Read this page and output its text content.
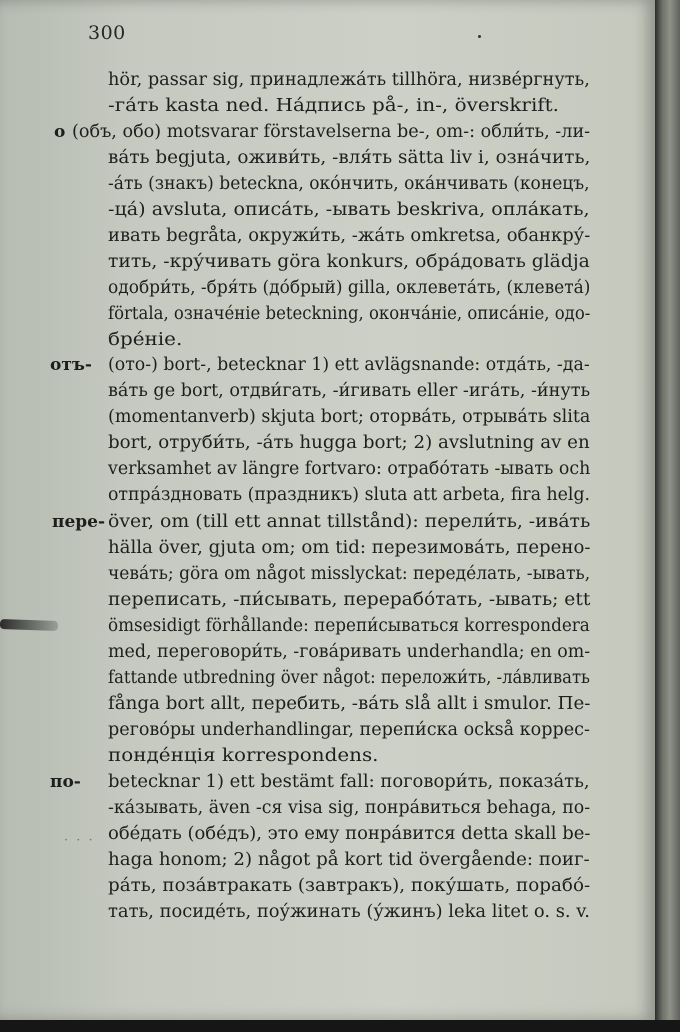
300
· · ·
o
отъ-
пере-
по-
hör, passar sig, принадлежа́ть tillhöra, низве́ргнуть,
-га́ть kasta ned. На́дпись på-, in-, överskrift.
(объ, обо) motsvarar förstavelserna be-, om-: обли́ть, -ли-
ва́ть begjuta, оживи́ть, -вля́ть sätta liv i, озна́чить,
-а́ть (знакъ) beteckna, око́нчить, ока́нчивать (конецъ,
-ца́) avsluta, описа́ть, -ывать beskriva, опла́кать,
ивать begråta, окружи́ть, -жа́ть omkretsa, обанкру́-
тить, -кру́чивать göra konkurs, обра́довать glädja
одобри́ть, -бря́ть (до́брый) gilla, оклевета́ть, (клевета́)
förtala, означе́ніе beteckning, оконча́ніе, описа́ніе, одо-
бре́ніе.
(ото-) bort-, betecknar 1) ett avlägsnande: отда́ть, -да-
ва́ть ge bort, отдви́гать, -и́гивать eller -ига́ть, -и́нуть
(momentanverb) skjuta bort; оторва́ть, отрыва́ть slita
bort, отруби́ть, -а́ть hugga bort; 2) avslutning av en
verksamhet av längre fortvaro: отрабо́тать -ывать och
отпра́здновать (праздникъ) sluta att arbeta, fira helg.
över, om (till ett annat tillstånd): перели́ть, -ива́ть
hälla över, gjuta om; om tid: перезимова́ть, перено-
чева́ть; göra om något misslyckat: переде́лать, -ывать,
переписать, -пи́сывать, перерабо́тать, -ывать; ett
ömsesidigt förhållande: перепи́сываться korrespondera
med, переговори́ть, -гова́ривать underhandla; en om-
fattande utbredning över något: переложи́ть, -ла́вливать
fånga bort allt, перебить, -ва́ть slå allt i smulor. Пе-
регово́ры underhandlingar, перепи́ска också коррес-
понде́нція korrespondens.
betecknar 1) ett bestämt fall: поговори́ть, показа́ть,
-ка́зывать, även -ся visa sig, понра́виться behaga, по-
обе́дать (обе́дъ), это ему понра́вится detta skall be-
haga honom; 2) något på kort tid övergående: поиг-
ра́ть, поза́втракать (завтракъ), поку́шать, порабо́-
тать, посиде́ть, поу́жинать (у́жинъ) leka litet o. s. v.
